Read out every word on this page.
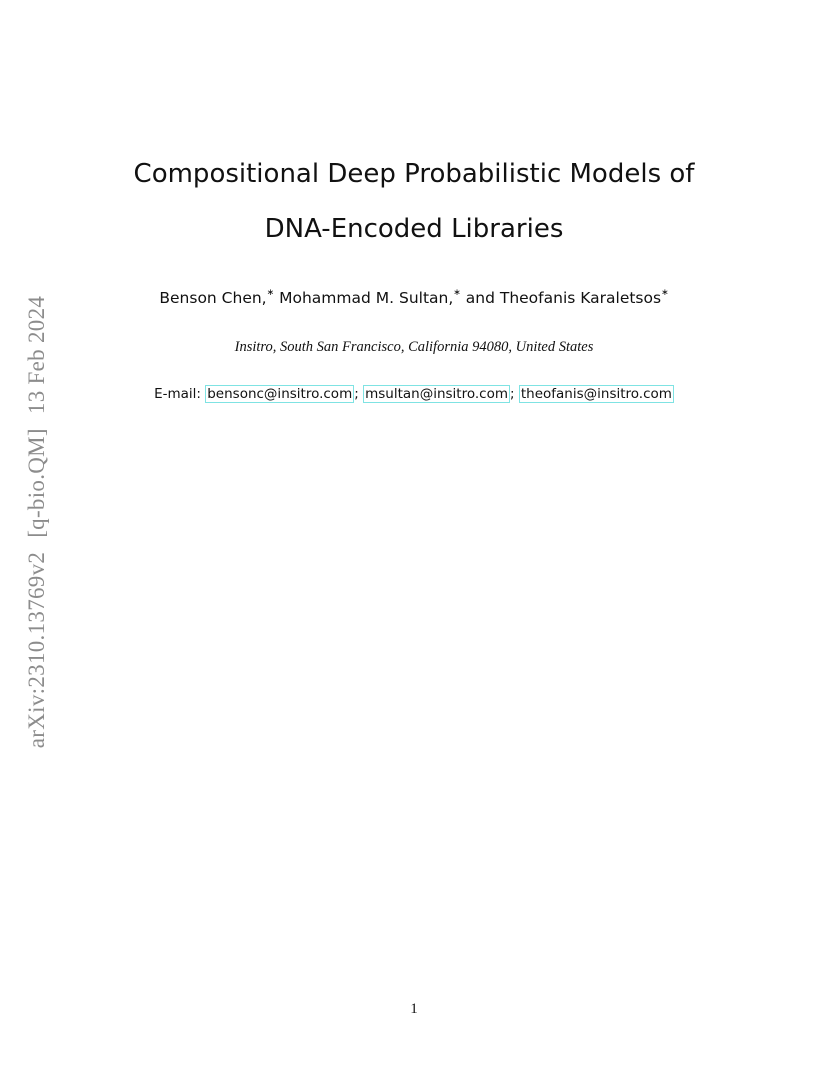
arXiv:2310.13769v2[q-bio.QM]13 Feb 2024
Compositional Deep Probabilistic Models of
DNA-Encoded Libraries
Benson Chen,∗ Mohammad M. Sultan,∗ and Theofanis Karaletsos∗
Insitro, South San Francisco, California 94080, United States
E-mail: bensonc@insitro.com ; msultan@insitro.com ; theofanis@insitro.com
1
